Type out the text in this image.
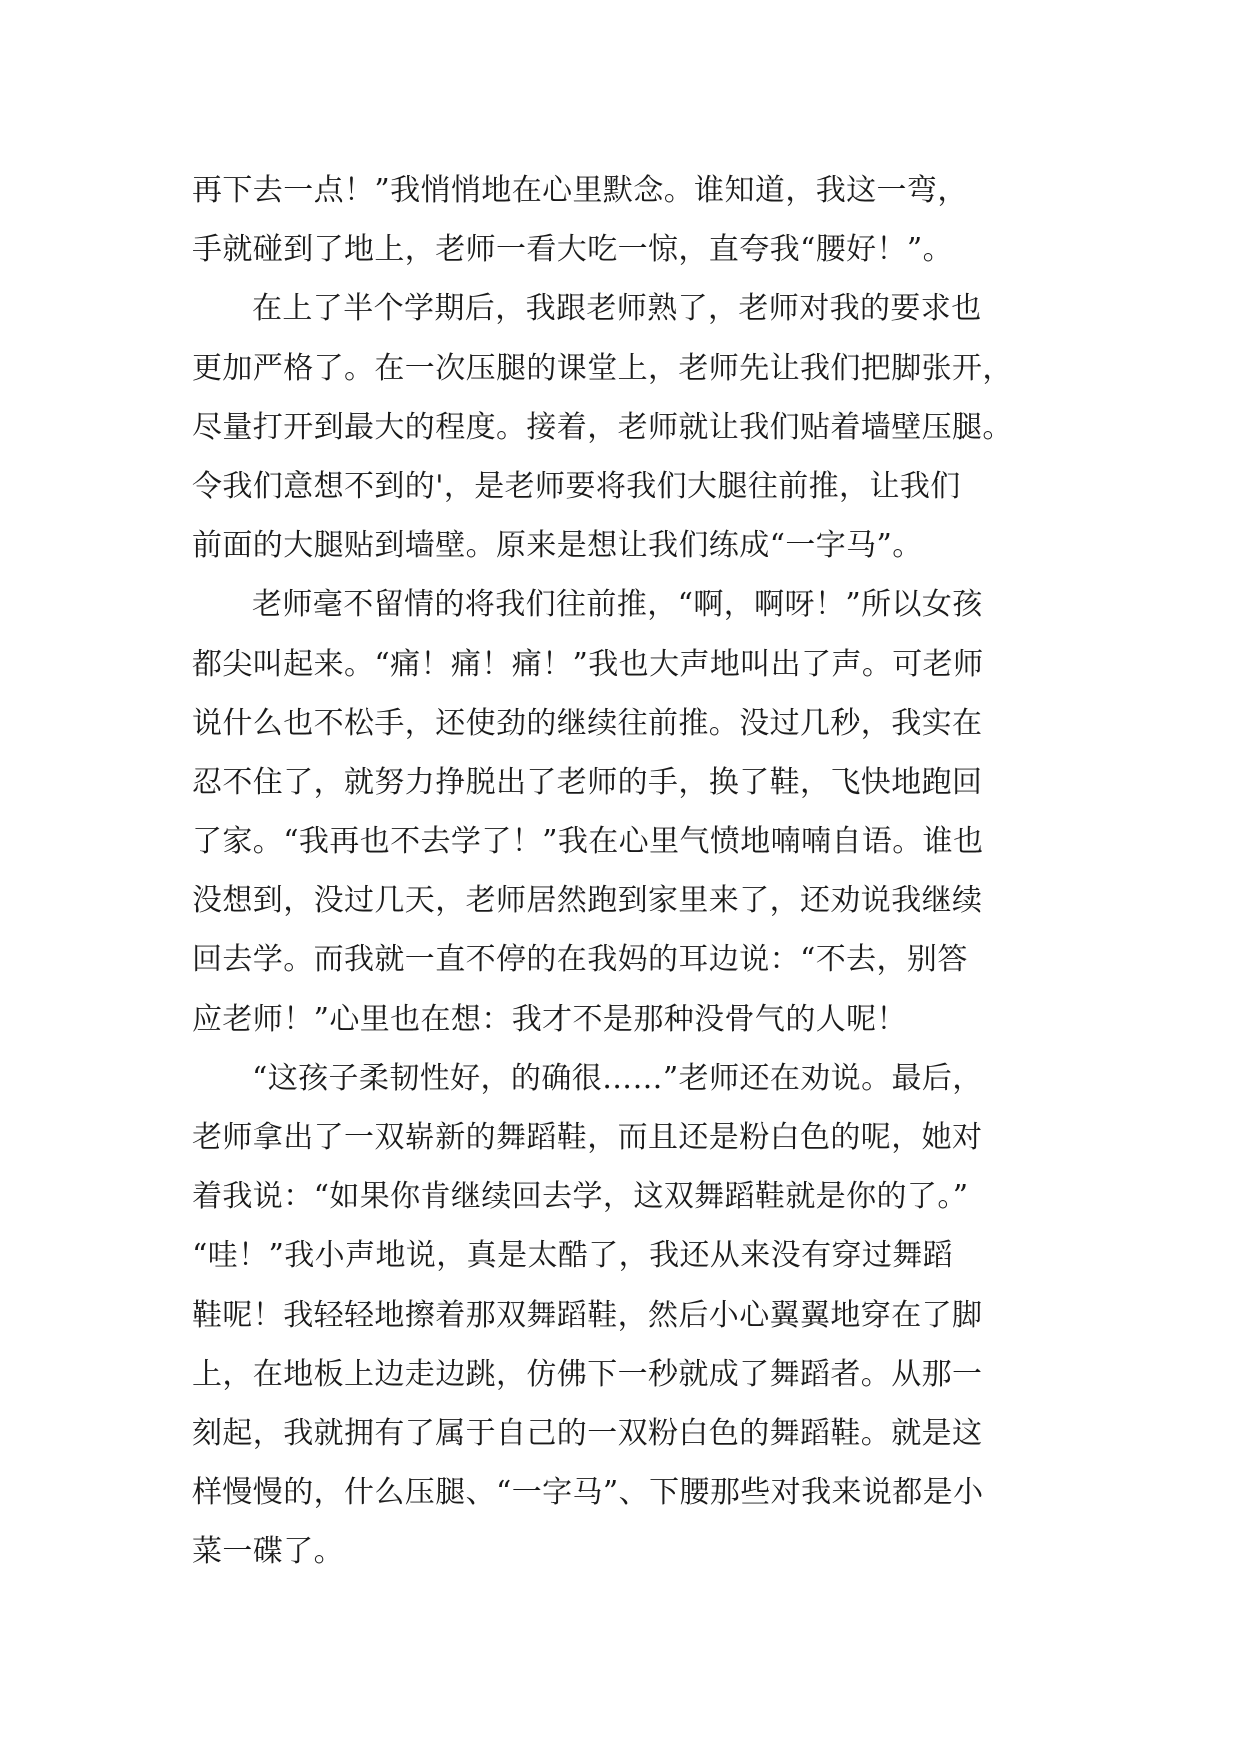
再下去一点！”我悄悄地在心里默念。谁知道，我这一弯，
手就碰到了地上，老师一看大吃一惊，直夸我“腰好！”。
在上了半个学期后，我跟老师熟了，老师对我的要求也
更加严格了。在一次压腿的课堂上，老师先让我们把脚张开，
尽量打开到最大的程度。接着，老师就让我们贴着墙壁压腿。
令我们意想不到的'，是老师要将我们大腿往前推，让我们
前面的大腿贴到墙壁。原来是想让我们练成“一字马”。
老师毫不留情的将我们往前推，“啊，啊呀！”所以女孩
都尖叫起来。“痛！痛！痛！”我也大声地叫出了声。可老师
说什么也不松手，还使劲的继续往前推。没过几秒，我实在
忍不住了，就努力挣脱出了老师的手，换了鞋，飞快地跑回
了家。“我再也不去学了！”我在心里气愤地喃喃自语。谁也
没想到，没过几天，老师居然跑到家里来了，还劝说我继续
回去学。而我就一直不停的在我妈的耳边说：“不去，别答
应老师！”心里也在想：我才不是那种没骨气的人呢！
“这孩子柔韧性好，的确很……”老师还在劝说。最后，
老师拿出了一双崭新的舞蹈鞋，而且还是粉白色的呢，她对
着我说：“如果你肯继续回去学，这双舞蹈鞋就是你的了。”
“哇！”我小声地说，真是太酷了，我还从来没有穿过舞蹈
鞋呢！我轻轻地擦着那双舞蹈鞋，然后小心翼翼地穿在了脚
上，在地板上边走边跳，仿佛下一秒就成了舞蹈者。从那一
刻起，我就拥有了属于自己的一双粉白色的舞蹈鞋。就是这
样慢慢的，什么压腿、“一字马”、下腰那些对我来说都是小
菜一碟了。
